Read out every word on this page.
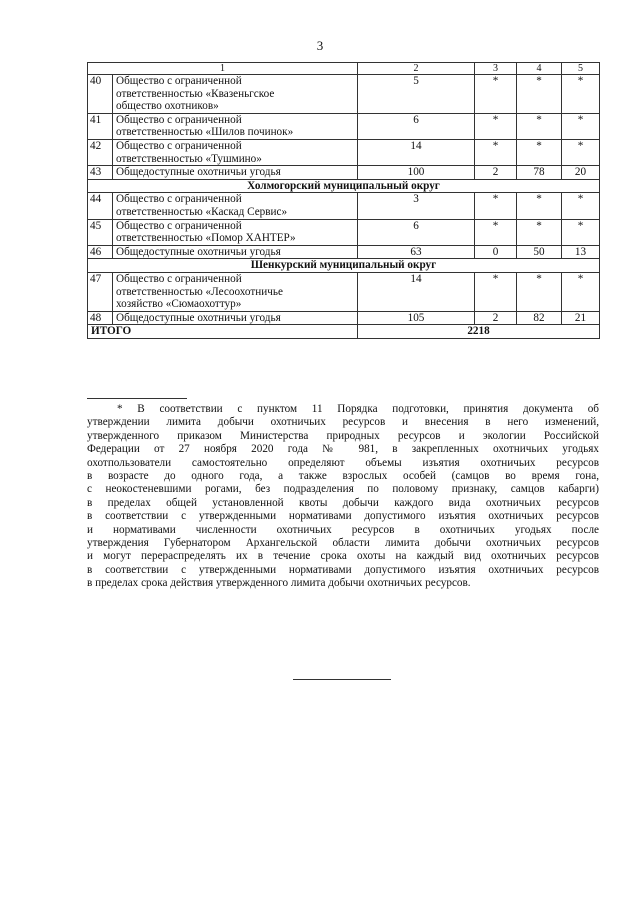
3
1		2	3	4	5
40	Общество с ограниченной
ответственностью «Квазеньгское
общество охотников»	5	*	*	*
41	Общество с ограниченной
ответственностью «Шилов починок»	6	*	*	*
42	Общество с ограниченной
ответственностью «Тушмино»	14	*	*	*
43	Общедоступные охотничьи угодья	100	2	78	20
Холмогорский муниципальный округ					
44	Общество с ограниченной
ответственностью «Каскад Сервис»	3	*	*	*
45	Общество с ограниченной
ответственностью «Помор ХАНТЕР»	6	*	*	*
46	Общедоступные охотничьи угодья	63	0	50	13
Шенкурский муниципальный округ					
47	Общество с ограниченной
ответственностью «Лесоохотничье
хозяйство «Сюмаохоттур»	14	*	*	*
48	Общедоступные охотничьи угодья	105	2	82	21
ИТОГО		2218			
* В соответствии с пунктом 11 Порядка подготовки, принятия документа об
утверждении лимита добычи охотничьих ресурсов и внесения в него изменений,
утвержденного приказом Министерства природных ресурсов и экологии Российской
Федерации от 27 ноября 2020 года № 981, в закрепленных охотничьих угодьях
охотпользователи самостоятельно определяют объемы изъятия охотничьих ресурсов
в возрасте до одного года, а также взрослых особей (самцов во время гона,
с неокостеневшими рогами, без подразделения по половому признаку, самцов кабарги)
в пределах общей установленной квоты добычи каждого вида охотничьих ресурсов
в соответствии с утвержденными нормативами допустимого изъятия охотничьих ресурсов
и нормативами численности охотничьих ресурсов в охотничьих угодьях после
утверждения Губернатором Архангельской области лимита добычи охотничьих ресурсов
и могут перераспределять их в течение срока охоты на каждый вид охотничьих ресурсов
в соответствии с утвержденными нормативами допустимого изъятия охотничьих ресурсов
в пределах срока действия утвержденного лимита добычи охотничьих ресурсов.
